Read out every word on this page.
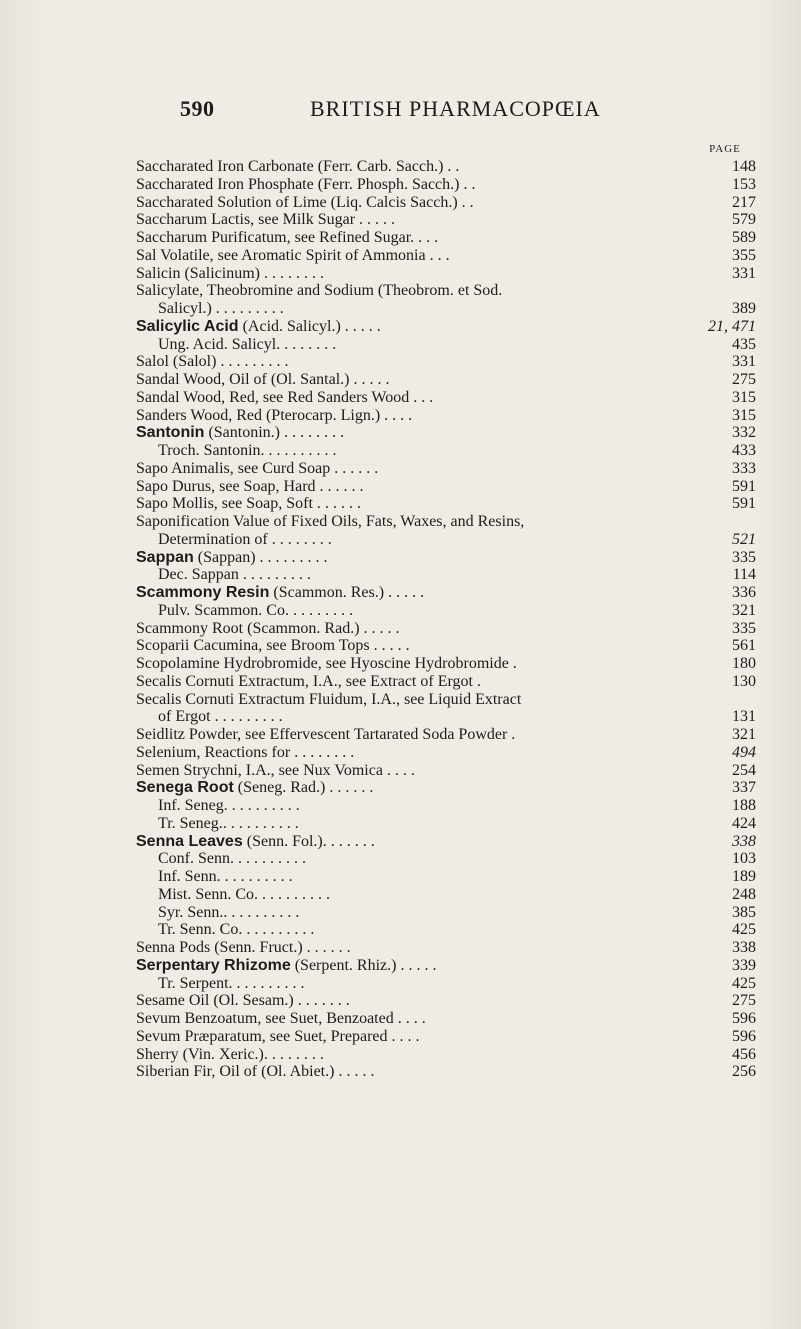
590	BRITISH PHARMACOPŒIA
PAGE
Saccharated Iron Carbonate (Ferr. Carb. Sacch.) . .	148
Saccharated Iron Phosphate (Ferr. Phosph. Sacch.) . .	153
Saccharated Solution of Lime (Liq. Calcis Sacch.) . .	217
Saccharum Lactis, see Milk Sugar . . . . .	579
Saccharum Purificatum, see Refined Sugar. . . .	589
Sal Volatile, see Aromatic Spirit of Ammonia . . .	355
Salicin (Salicinum) . . . . . . . .	331
Salicylate, Theobromine and Sodium (Theobrom. et Sod.
Salicyl.) . . . . . . . . .	389
Salicylic Acid (Acid. Salicyl.) . . . . .	21, 471
Ung. Acid. Salicyl. . . . . . . .	435
Salol (Salol) . . . . . . . . .	331
Sandal Wood, Oil of (Ol. Santal.) . . . . .	275
Sandal Wood, Red, see Red Sanders Wood . . .	315
Sanders Wood, Red (Pterocarp. Lign.) . . . .	315
Santonin (Santonin.) . . . . . . . .	332
Troch. Santonin. . . . . . . . . .	433
Sapo Animalis, see Curd Soap . . . . . .	333
Sapo Durus, see Soap, Hard . . . . . .	591
Sapo Mollis, see Soap, Soft . . . . . .	591
Saponification Value of Fixed Oils, Fats, Waxes, and Resins,
Determination of . . . . . . . .	521
Sappan (Sappan) . . . . . . . . .	335
Dec. Sappan . . . . . . . . .	114
Scammony Resin (Scammon. Res.) . . . . .	336
Pulv. Scammon. Co. . . . . . . . .	321
Scammony Root (Scammon. Rad.) . . . . .	335
Scoparii Cacumina, see Broom Tops . . . . .	561
Scopolamine Hydrobromide, see Hyoscine Hydrobromide .	180
Secalis Cornuti Extractum, I.A., see Extract of Ergot .	130
Secalis Cornuti Extractum Fluidum, I.A., see Liquid Extract
of Ergot . . . . . . . . .	131
Seidlitz Powder, see Effervescent Tartarated Soda Powder .	321
Selenium, Reactions for . . . . . . . .	494
Semen Strychni, I.A., see Nux Vomica . . . .	254
Senega Root (Seneg. Rad.) . . . . . .	337
Inf. Seneg. . . . . . . . . .	188
Tr. Seneg.. . . . . . . . . .	424
Senna Leaves (Senn. Fol.). . . . . . .	338
Conf. Senn. . . . . . . . . .	103
Inf. Senn. . . . . . . . . .	189
Mist. Senn. Co. . . . . . . . . .	248
Syr. Senn.. . . . . . . . . .	385
Tr. Senn. Co. . . . . . . . . .	425
Senna Pods (Senn. Fruct.) . . . . . .	338
Serpentary Rhizome (Serpent. Rhiz.) . . . . .	339
Tr. Serpent. . . . . . . . . .	425
Sesame Oil (Ol. Sesam.) . . . . . . .	275
Sevum Benzoatum, see Suet, Benzoated . . . .	596
Sevum Præparatum, see Suet, Prepared . . . .	596
Sherry (Vin. Xeric.). . . . . . . .	456
Siberian Fir, Oil of (Ol. Abiet.) . . . . .	256
